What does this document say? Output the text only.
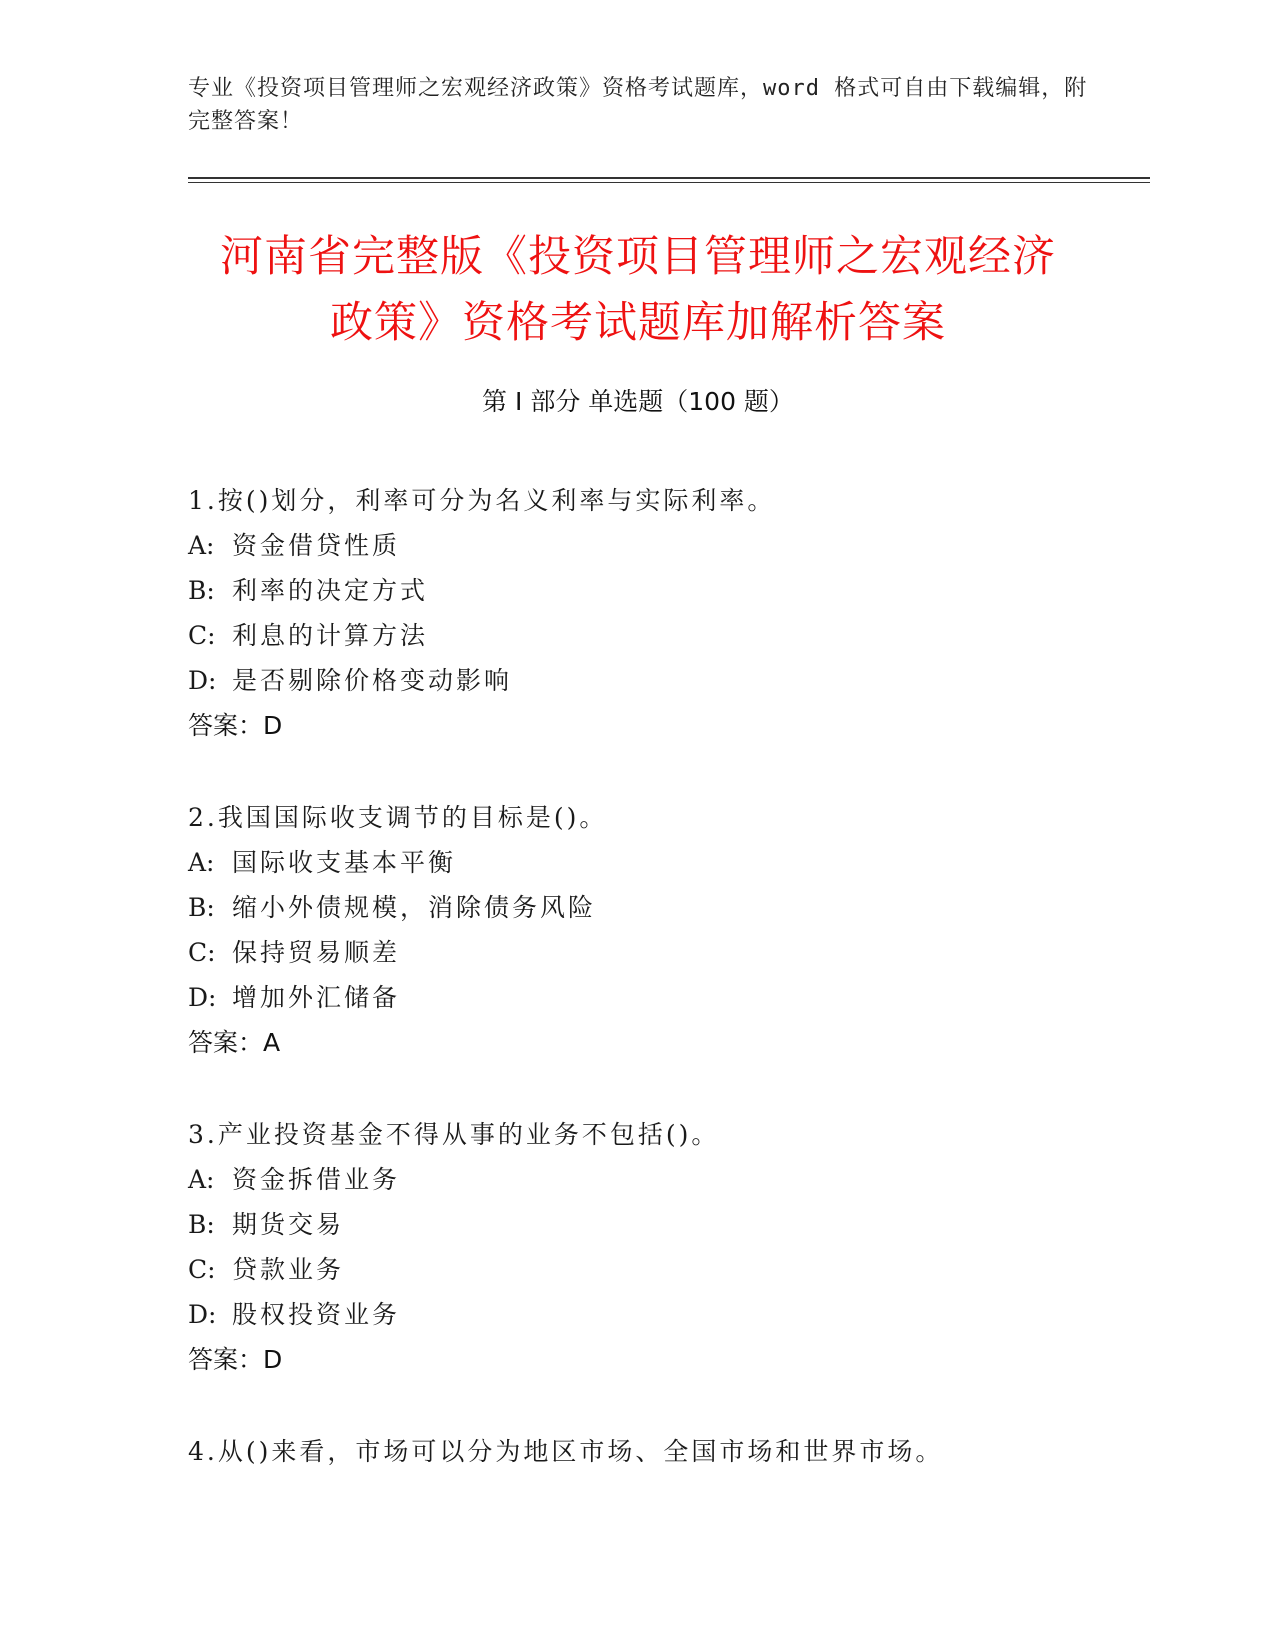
专业《投资项目管理师之宏观经济政策》资格考试题库，word 格式可自由下载编辑，附完整答案！
河南省完整版《投资项目管理师之宏观经济
政策》资格考试题库加解析答案
第 I 部分 单选题（100 题）
1.按()划分，利率可分为名义利率与实际利率。
A: 资金借贷性质
B: 利率的决定方式
C: 利息的计算方法
D: 是否剔除价格变动影响
答案：D
2.我国国际收支调节的目标是()。
A: 国际收支基本平衡
B: 缩小外债规模，消除债务风险
C: 保持贸易顺差
D: 增加外汇储备
答案：A
3.产业投资基金不得从事的业务不包括()。
A: 资金拆借业务
B: 期货交易
C: 贷款业务
D: 股权投资业务
答案：D
4.从()来看，市场可以分为地区市场、全国市场和世界市场。
